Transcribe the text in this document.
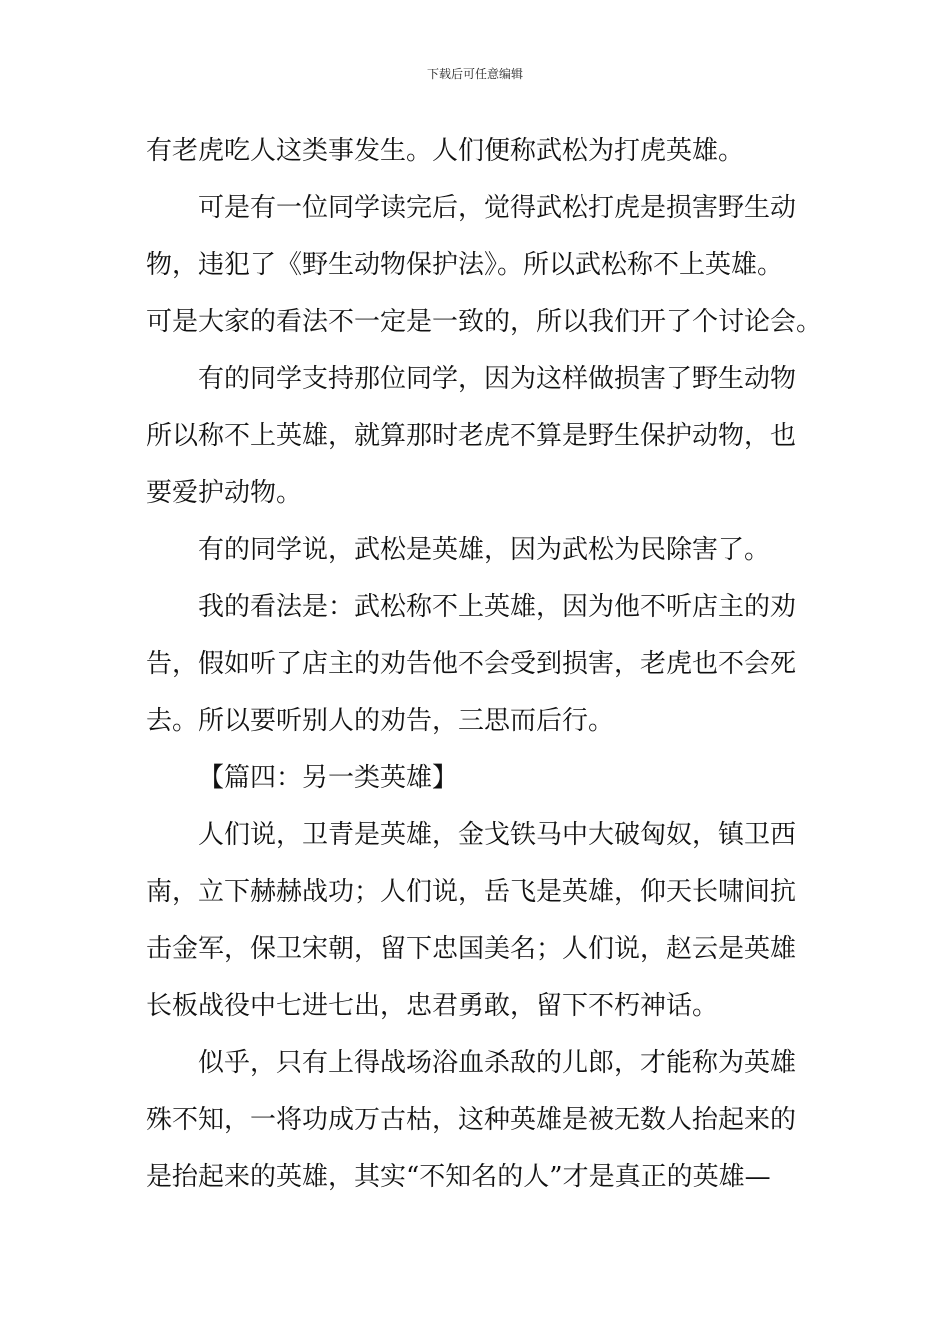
下载后可任意编辑
有老虎吃人这类事发生。人们便称武松为打虎英雄。
可是有一位同学读完后，觉得武松打虎是损害野生动
物，违犯了《野生动物保护法》。所以武松称不上英雄。
可是大家的看法不一定是一致的，所以我们开了个讨论会。
有的同学支持那位同学，因为这样做损害了野生动物
所以称不上英雄，就算那时老虎不算是野生保护动物，也
要爱护动物。
有的同学说，武松是英雄，因为武松为民除害了。
我的看法是：武松称不上英雄，因为他不听店主的劝
告，假如听了店主的劝告他不会受到损害，老虎也不会死
去。所以要听别人的劝告，三思而后行。
【篇四：另一类英雄】
人们说，卫青是英雄，金戈铁马中大破匈奴，镇卫西
南，立下赫赫战功；人们说，岳飞是英雄，仰天长啸间抗
击金军，保卫宋朝，留下忠国美名；人们说，赵云是英雄
长板战役中七进七出，忠君勇敢，留下不朽神话。
似乎，只有上得战场浴血杀敌的儿郎，才能称为英雄
殊不知，一将功成万古枯，这种英雄是被无数人抬起来的
是抬起来的英雄，其实“不知名的人”才是真正的英雄—
